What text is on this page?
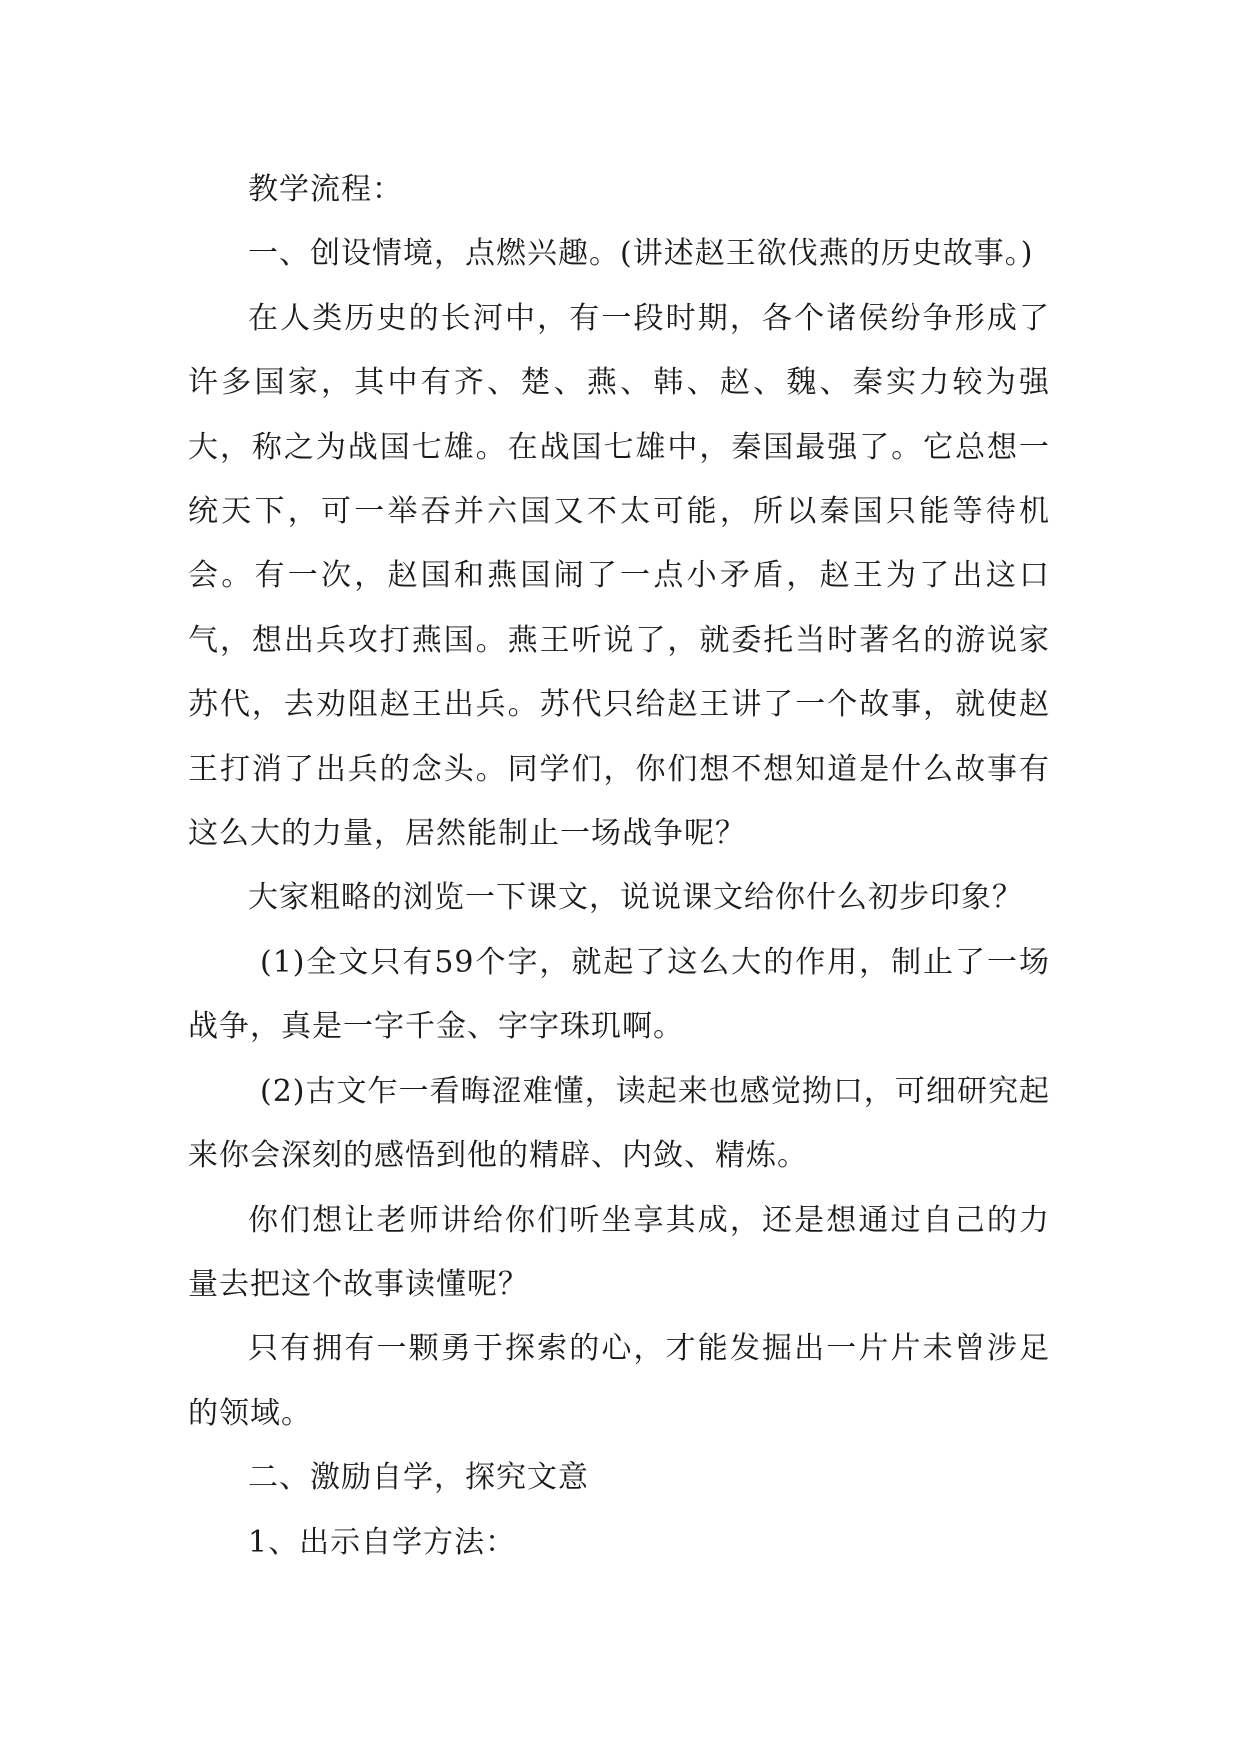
教学流程：

一、创设情境，点燃兴趣。(讲述赵王欲伐燕的历史故事。)

在人类历史的长河中，有一段时期，各个诸侯纷争形成了许多国家，其中有齐、楚、燕、韩、赵、魏、秦实力较为强大，称之为战国七雄。在战国七雄中，秦国最强了。它总想一统天下，可一举吞并六国又不太可能，所以秦国只能等待机会。有一次，赵国和燕国闹了一点小矛盾，赵王为了出这口气，想出兵攻打燕国。燕王听说了，就委托当时著名的游说家苏代，去劝阻赵王出兵。苏代只给赵王讲了一个故事，就使赵王打消了出兵的念头。同学们，你们想不想知道是什么故事有这么大的力量，居然能制止一场战争呢？

大家粗略的浏览一下课文，说说课文给你什么初步印象？

(1)全文只有59个字，就起了这么大的作用，制止了一场战争，真是一字千金、字字珠玑啊。

(2)古文乍一看晦涩难懂，读起来也感觉拗口，可细研究起来你会深刻的感悟到他的精辟、内敛、精炼。

你们想让老师讲给你们听坐享其成，还是想通过自己的力量去把这个故事读懂呢？

只有拥有一颗勇于探索的心，才能发掘出一片片未曾涉足的领域。

二、激励自学，探究文意

1、出示自学方法：
